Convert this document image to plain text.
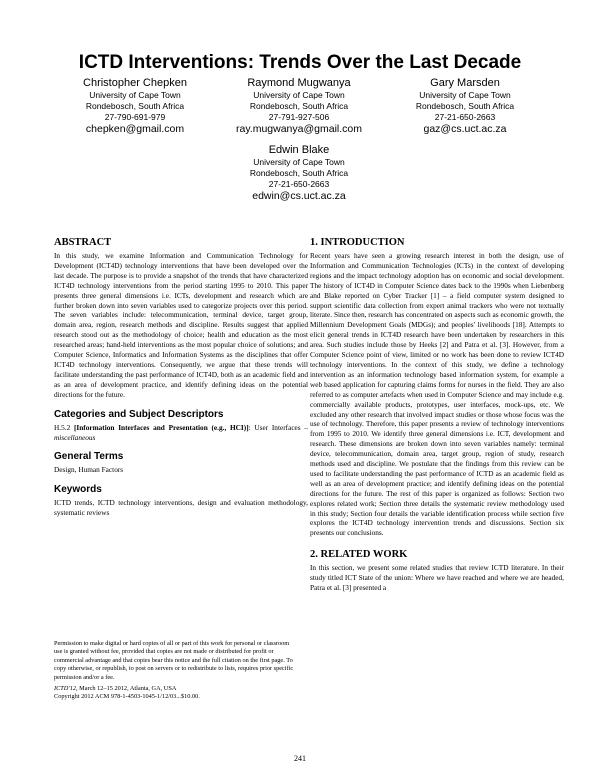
ICTD Interventions: Trends Over the Last Decade
Christopher Chepken
University of Cape Town
Rondebosch, South Africa
27-790-691-979
chepken@gmail.com
Raymond Mugwanya
University of Cape Town
Rondebosch, South Africa
27-791-927-506
ray.mugwanya@gmail.com
Gary Marsden
University of Cape Town
Rondebosch, South Africa
27-21-650-2663
gaz@cs.uct.ac.za
Edwin Blake
University of Cape Town
Rondebosch, South Africa
27-21-650-2663
edwin@cs.uct.ac.za
ABSTRACT

In this study, we examine Information and Communication Technology for Development (ICT4D) technology interventions that have been developed over the last decade. The purpose is to provide a snapshot of the trends that have characterized ICT4D technology interventions from the period starting 1995 to 2010. This paper presents three general dimensions i.e. ICTs, development and research which are further broken down into seven variables used to categorize projects over this period. The seven variables include: telecommunication, terminal device, target group, domain area, region, research methods and discipline. Results suggest that applied research stood out as the methodology of choice; health and education as the most researched areas; hand-held interventions as the most popular choice of solutions; and Computer Science, Informatics and Information Systems as the disciplines that offer ICT4D technology interventions. Consequently, we argue that these trends will facilitate understanding the past performance of ICT4D, both as an academic field and as an area of development practice, and identify defining ideas on the potential directions for the future.

Categories and Subject Descriptors

H.5.2 [Information Interfaces and Presentation (e.g., HCI)]: User Interfaces – miscellaneous

General Terms

Design, Human Factors

Keywords

ICTD trends, ICTD technology interventions, design and evaluation methodology, systematic reviews

Permission to make digital or hard copies of all or part of this work for personal or classroom use is granted without fee, provided that copies are not made or distributed for profit or commercial advantage and that copies bear this notice and the full citation on the first page. To copy otherwise, or republish, to post on servers or to redistribute to lists, requires prior specific permission and/or a fee.

ICTD'12, March 12–15 2012, Atlanta, GA, USA

Copyright 2012 ACM 978-1-4503-1045-1/12/03...$10.00.

1. INTRODUCTION

Recent years have seen a growing research interest in both the design, use of Information and Communication Technologies (ICTs) in the context of developing regions and the impact technology adoption has on economic and social development. The history of ICT4D in Computer Science dates back to the 1990s when Liebenberg and Blake reported on Cyber Tracker [1] – a field computer system designed to support scientific data collection from expert animal trackers who were not textually literate. Since then, research has concentrated on aspects such as economic growth, the Millennium Development Goals (MDGs); and peoples' livelihoods [18]. Attempts to elicit general trends in ICT4D research have been undertaken by researchers in this area. Such studies include those by Heeks [2] and Patra et al. [3]. However, from a Computer Science point of view, limited or no work has been done to review ICT4D technology interventions. In the context of this study, we define a technology intervention as an information technology based information system, for example a web based application for capturing claims forms for nurses in the field. They are also referred to as computer artefacts when used in Computer Science and may include e.g. commercially available products, prototypes, user interfaces, mock-ups, etc. We excluded any other research that involved impact studies or those whose focus was the use of technology. Therefore, this paper presents a review of technology interventions from 1995 to 2010. We identify three general dimensions i.e. ICT, development and research. These dimensions are broken down into seven variables namely: terminal device, telecommunication, domain area, target group, region of study, research methods used and discipline. We postulate that the findings from this review can be used to facilitate understanding the past performance of ICTD as an academic field as well as an area of development practice; and identify defining ideas on the potential directions for the future. The rest of this paper is organized as follows: Section two explores related work; Section three details the systematic review methodology used in this study; Section four details the variable identification process while section five explores the ICT4D technology intervention trends and discussions. Section six presents our conclusions.

2. RELATED WORK

In this section, we present some related studies that review ICTD literature. In their study titled ICT State of the union: Where we have reached and where we are headed, Patra et al. [3] presented a

241
